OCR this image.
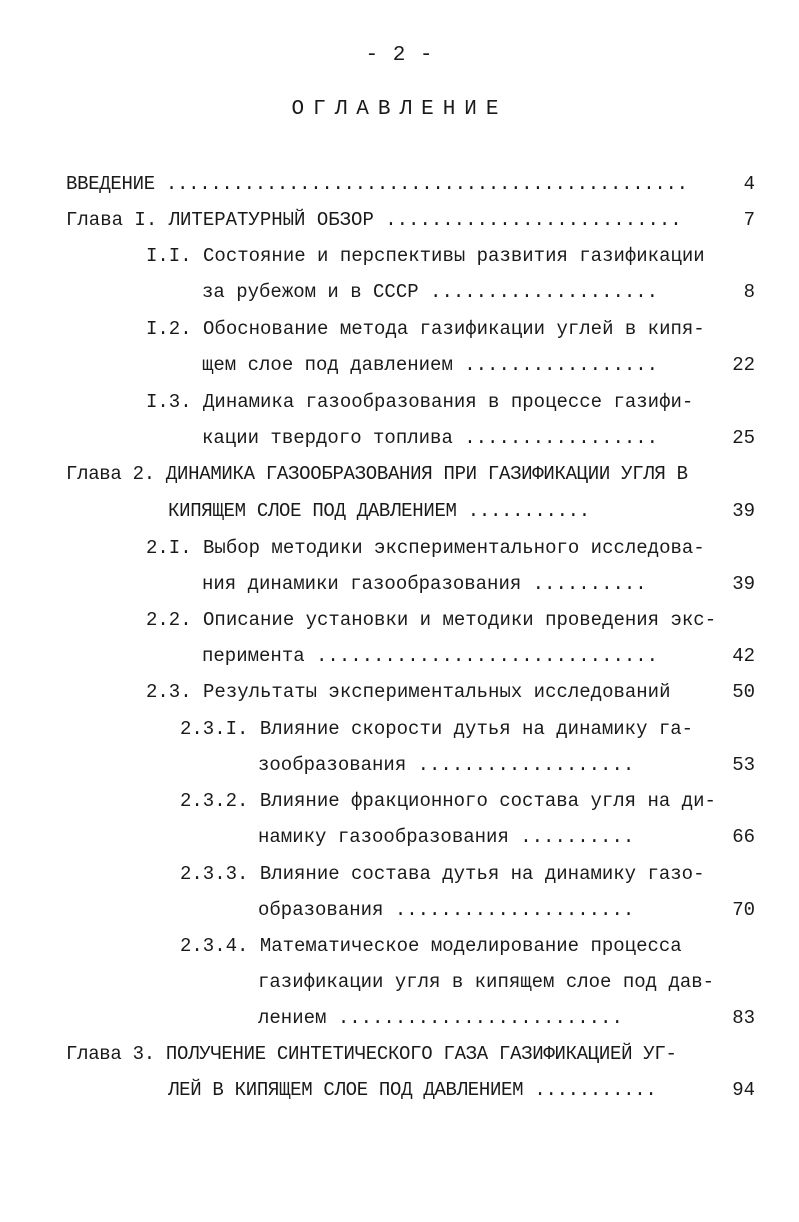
- 2 -
ОГЛАВЛЕНИЕ
ВВЕДЕНИЕ ...............................................	4
Глава I. ЛИТЕРАТУРНЫЙ ОБЗОР ..........................	7
I.I. Состояние и перспективы развития газификации
за рубежом и в СССР ....................	8
I.2. Обоснование метода газификации углей в кипя-
щем слое под давлением .................	22
I.3. Динамика газообразования в процессе газифи-
кации твердого топлива .................	25
Глава 2. ДИНАМИКА ГАЗООБРАЗОВАНИЯ ПРИ ГАЗИФИКАЦИИ УГЛЯ В
КИПЯЩЕМ СЛОЕ ПОД ДАВЛЕНИЕМ ...........	39
2.I. Выбор методики экспериментального исследова-
ния динамики газообразования ..........	39
2.2. Описание установки и методики проведения экс-
перимента ..............................	42
2.3. Результаты экспериментальных исследований	50
2.3.I. Влияние скорости дутья на динамику га-
зообразования ...................	53
2.3.2. Влияние фракционного состава угля на ди-
намику газообразования ..........	66
2.3.3. Влияние состава дутья на динамику газо-
образования .....................	70
2.3.4. Математическое моделирование процесса
газификации угля в кипящем слое под дав-
лением .........................	83
Глава 3. ПОЛУЧЕНИЕ СИНТЕТИЧЕСКОГО ГАЗА ГАЗИФИКАЦИЕЙ УГ-
ЛЕЙ В КИПЯЩЕМ СЛОЕ ПОД ДАВЛЕНИЕМ ...........	94
